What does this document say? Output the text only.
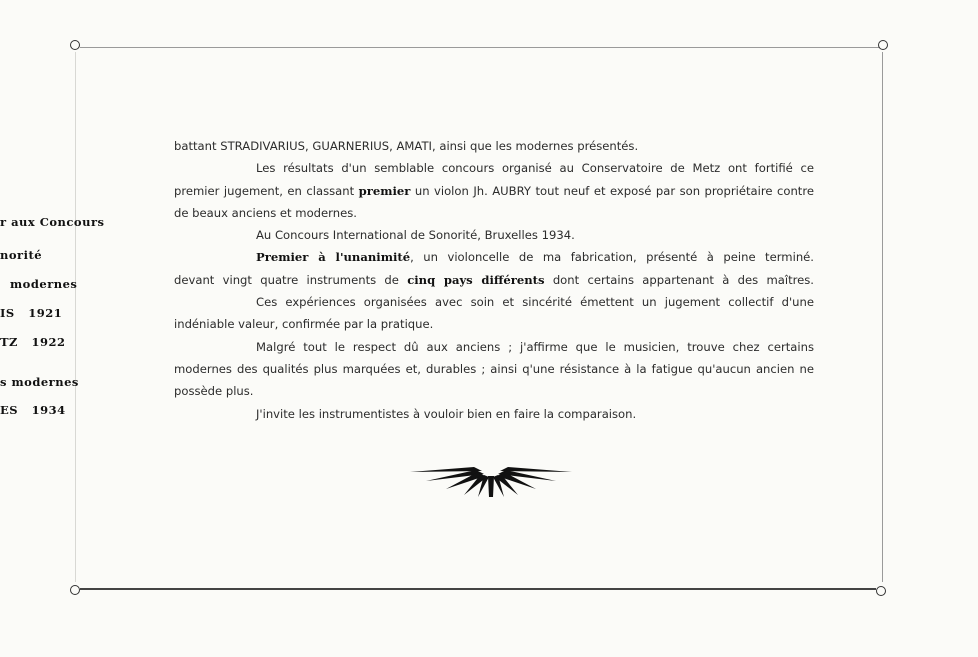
r aux Concours
norité
modernes
IS   1921
TZ   1922
s modernes
ES   1934

battant STRADIVARIUS, GUARNERIUS, AMATI, ainsi que les modernes présentés.

Les résultats d'un semblable concours organisé au Conservatoire de Metz ont fortifié ce premier jugement, en classant premier un violon Jh. AUBRY tout neuf et exposé par son propriétaire contre de beaux anciens et modernes.

Au Concours International de Sonorité, Bruxelles 1934.

Premier à l'unanimité, un violoncelle de ma fabrication, présenté à peine terminé.

devant vingt quatre instruments de cinq pays différents dont certains appartenant à des maîtres.

Ces expériences organisées avec soin et sincérité émettent un jugement collectif d'une indéniable valeur, confirmée par la pratique.

Malgré tout le respect dû aux anciens ; j'affirme que le musicien, trouve chez certains modernes des qualités plus marquées et, durables ; ainsi q'une résistance à la fatigue qu'aucun ancien ne possède plus.

J'invite les instrumentistes à vouloir bien en faire la comparaison.
